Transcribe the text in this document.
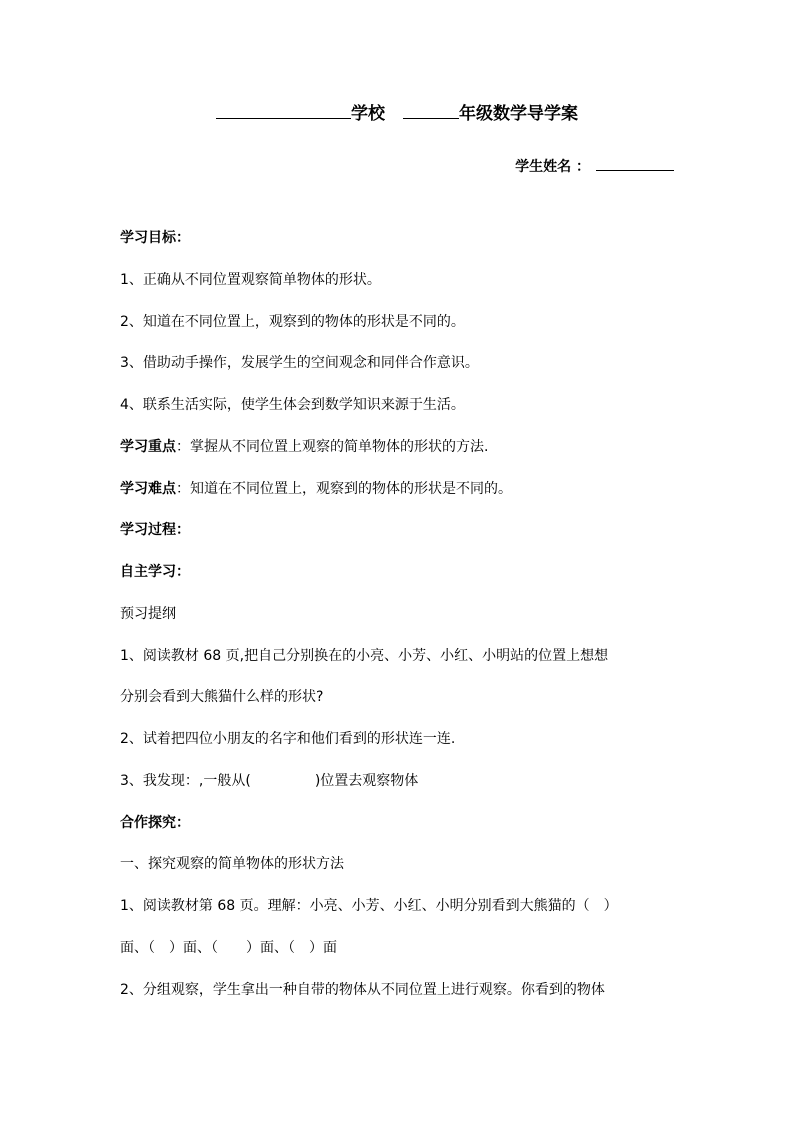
学校	年级数学导学案
学生姓名 ：
学习目标：
1、正确从不同位置观察简单物体的形状。
2、知道在不同位置上，观察到的物体的形状是不同的。
3、借助动手操作，发展学生的空间观念和同伴合作意识。
4、联系生活实际，使学生体会到数学知识来源于生活。
学习重点：掌握从不同位置上观察的简单物体的形状的方法.
学习难点：知道在不同位置上，观察到的物体的形状是不同的。
学习过程：
自主学习：
预习提纲
1、阅读教材 68 页,把自己分别换在的小亮、小芳、小红、小明站的位置上想想
分别会看到大熊猫什么样的形状?
2、试着把四位小朋友的名字和他们看到的形状连一连.
3、我发现：,一般从(	)位置去观察物体
合作探究：
一、探究观察的简单物体的形状方法
1、阅读教材第 68 页。理解：小亮、小芳、小红、小明分别看到大熊猫的（　）
面、（　）面、（　　）面、（　）面
2、分组观察，学生拿出一种自带的物体从不同位置上进行观察。你看到的物体
